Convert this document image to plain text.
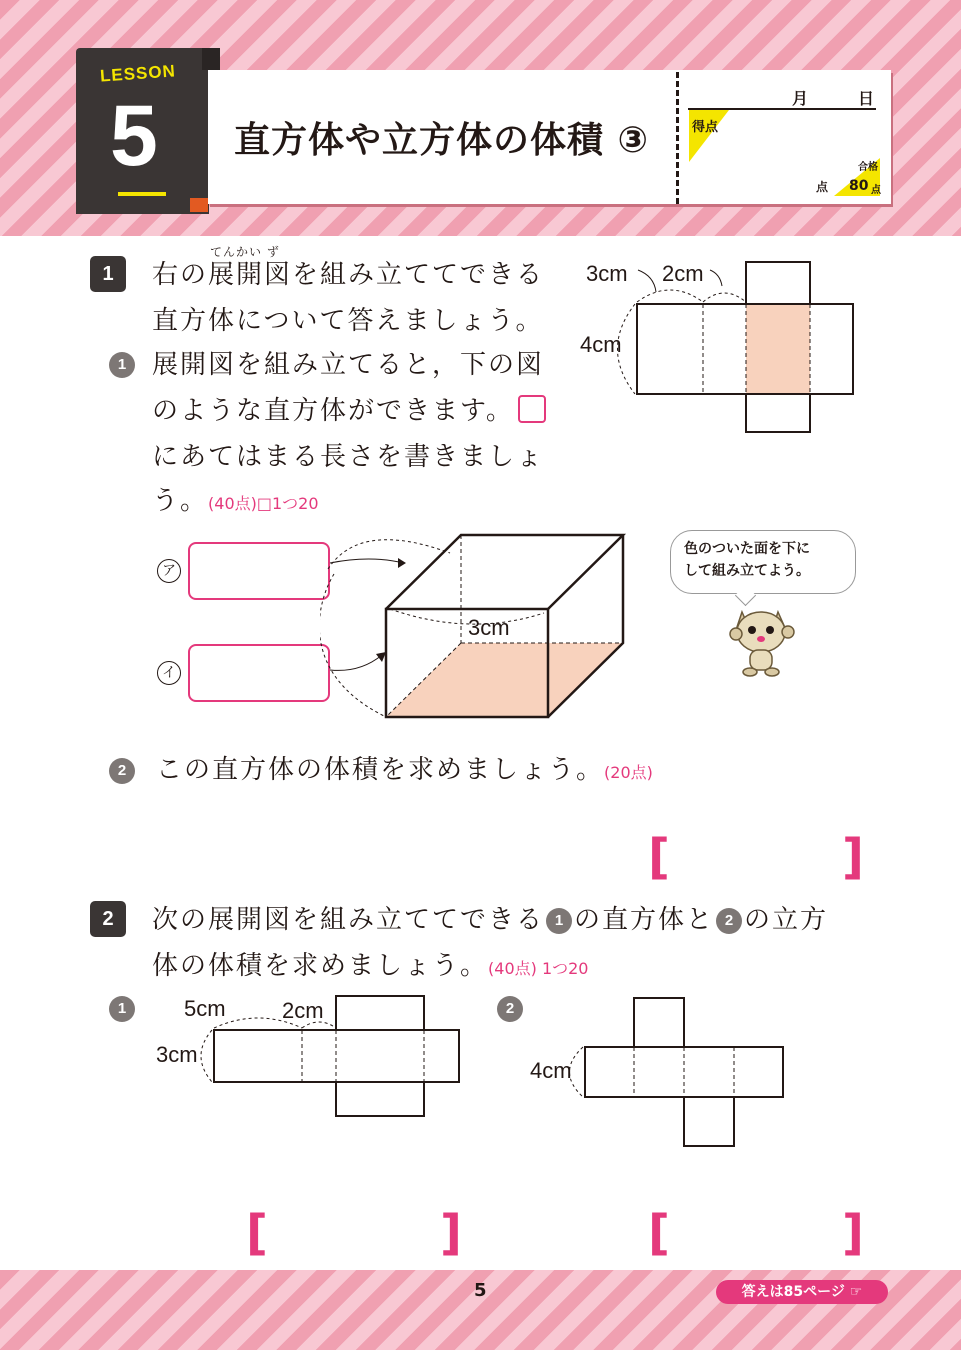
LESSON
5 直方体や立方体の体積 ③
月	日
得点
点
合格
80 点
1
てんかい ず
右の展開図を組み立ててできる
直方体について答えましょう。
1 展開図を組み立てると，下の図
のような直方体ができます。
にあてはまる長さを書きましょ
う。(40点)□1つ20
3cm 2cm
4cm
ア
イ
3cm
色のついた面を下に
して組み立てよう。
2	この直方体の体積を求めましょう。(20点)
[	]
2	次の展開図を組み立ててできる 1 の直方体と 2 の立方
体の体積を求めましょう。(40点) 1つ20
1	2
5cm	2cm
3cm
4cm
[	]	[	]
5	答えは85ページ ☞
